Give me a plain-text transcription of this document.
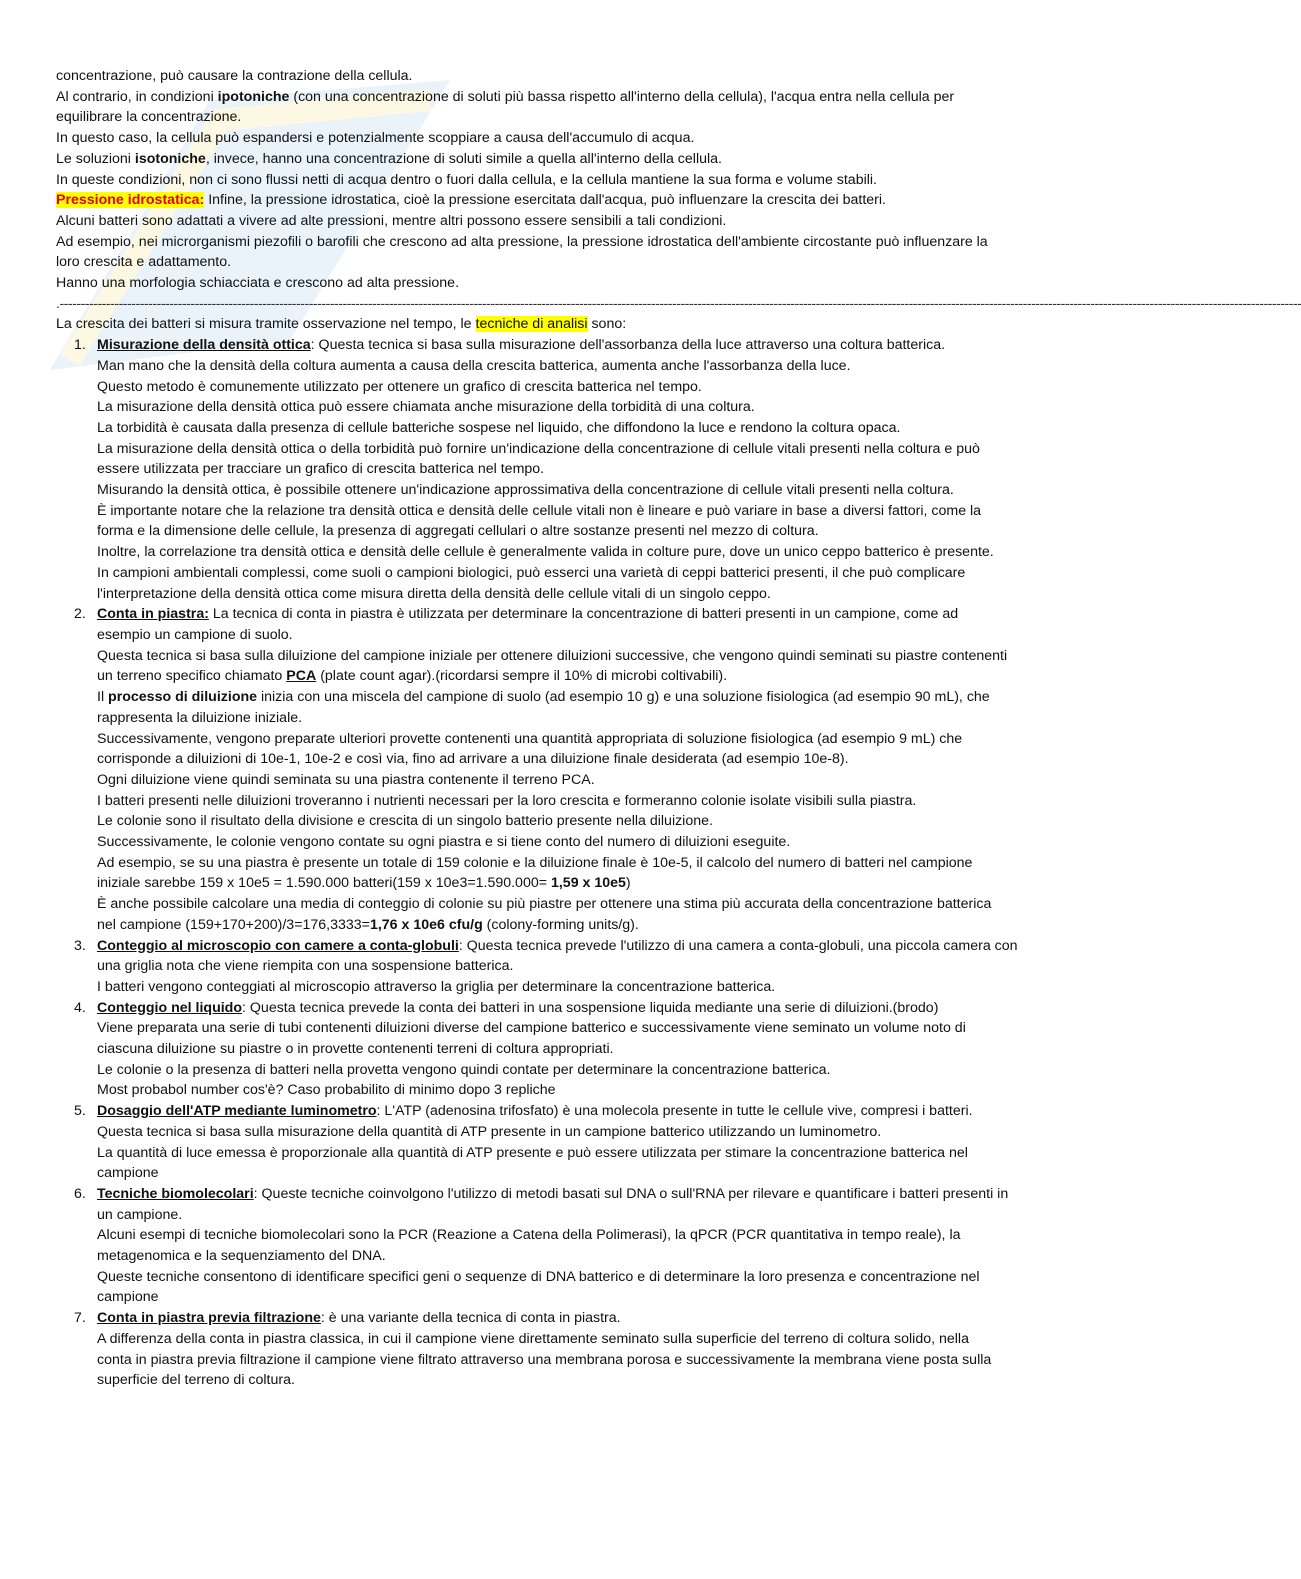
concentrazione, può causare la contrazione della cellula.

Al contrario, in condizioni ipotoniche (con una concentrazione di soluti più bassa rispetto all'interno della cellula), l'acqua entra nella cellula per

equilibrare la concentrazione.

In questo caso, la cellula può espandersi e potenzialmente scoppiare a causa dell'accumulo di acqua.

Le soluzioni isotoniche, invece, hanno una concentrazione di soluti simile a quella all'interno della cellula.

In queste condizioni, non ci sono flussi netti di acqua dentro o fuori dalla cellula, e la cellula mantiene la sua forma e volume stabili.

Pressione idrostatica: Infine, la pressione idrostatica, cioè la pressione esercitata dall'acqua, può influenzare la crescita dei batteri.

Alcuni batteri sono adattati a vivere ad alte pressioni, mentre altri possono essere sensibili a tali condizioni.

Ad esempio, nei microrganismi piezofili o barofili che crescono ad alta pressione, la pressione idrostatica dell'ambiente circostante può influenzare la

loro crescita e adattamento.

Hanno una morfologia schiacciata e crescono ad alta pressione.

.------------------------------------------------------------------------------------------------------------------------------------------------------------------------------------------------------------------------------------------------------------------------------------------------------

La crescita dei batteri si misura tramite osservazione nel tempo, le tecniche di analisi sono:

1. Misurazione della densità ottica: Questa tecnica si basa sulla misurazione dell'assorbanza della luce attraverso una coltura batterica.

Man mano che la densità della coltura aumenta a causa della crescita batterica, aumenta anche l'assorbanza della luce.

Questo metodo è comunemente utilizzato per ottenere un grafico di crescita batterica nel tempo.

La misurazione della densità ottica può essere chiamata anche misurazione della torbidità di una coltura.

La torbidità è causata dalla presenza di cellule batteriche sospese nel liquido, che diffondono la luce e rendono la coltura opaca.

La misurazione della densità ottica o della torbidità può fornire un'indicazione della concentrazione di cellule vitali presenti nella coltura e può

essere utilizzata per tracciare un grafico di crescita batterica nel tempo.

Misurando la densità ottica, è possibile ottenere un'indicazione approssimativa della concentrazione di cellule vitali presenti nella coltura.

È importante notare che la relazione tra densità ottica e densità delle cellule vitali non è lineare e può variare in base a diversi fattori, come la

forma e la dimensione delle cellule, la presenza di aggregati cellulari o altre sostanze presenti nel mezzo di coltura.

Inoltre, la correlazione tra densità ottica e densità delle cellule è generalmente valida in colture pure, dove un unico ceppo batterico è presente.

In campioni ambientali complessi, come suoli o campioni biologici, può esserci una varietà di ceppi batterici presenti, il che può complicare

l'interpretazione della densità ottica come misura diretta della densità delle cellule vitali di un singolo ceppo.

2. Conta in piastra: La tecnica di conta in piastra è utilizzata per determinare la concentrazione di batteri presenti in un campione, come ad

esempio un campione di suolo.

Questa tecnica si basa sulla diluizione del campione iniziale per ottenere diluizioni successive, che vengono quindi seminati su piastre contenenti

un terreno specifico chiamato PCA (plate count agar).(ricordarsi sempre il 10% di microbi coltivabili).

Il processo di diluizione inizia con una miscela del campione di suolo (ad esempio 10 g) e una soluzione fisiologica (ad esempio 90 mL), che

rappresenta la diluizione iniziale.

Successivamente, vengono preparate ulteriori provette contenenti una quantità appropriata di soluzione fisiologica (ad esempio 9 mL) che

corrisponde a diluizioni di 10e-1, 10e-2 e così via, fino ad arrivare a una diluizione finale desiderata (ad esempio 10e-8).

Ogni diluizione viene quindi seminata su una piastra contenente il terreno PCA.

I batteri presenti nelle diluizioni troveranno i nutrienti necessari per la loro crescita e formeranno colonie isolate visibili sulla piastra.

Le colonie sono il risultato della divisione e crescita di un singolo batterio presente nella diluizione.

Successivamente, le colonie vengono contate su ogni piastra e si tiene conto del numero di diluizioni eseguite.

Ad esempio, se su una piastra è presente un totale di 159 colonie e la diluizione finale è 10e-5, il calcolo del numero di batteri nel campione

iniziale sarebbe 159 x 10e5 = 1.590.000 batteri(159 x 10e3=1.590.000= 1,59 x 10e5)

È anche possibile calcolare una media di conteggio di colonie su più piastre per ottenere una stima più accurata della concentrazione batterica

nel campione (159+170+200)/3=176,3333=1,76 x 10e6 cfu/g (colony-forming units/g).

3. Conteggio al microscopio con camere a conta-globuli: Questa tecnica prevede l'utilizzo di una camera a conta-globuli, una piccola camera con

una griglia nota che viene riempita con una sospensione batterica.

I batteri vengono conteggiati al microscopio attraverso la griglia per determinare la concentrazione batterica.

4. Conteggio nel liquido: Questa tecnica prevede la conta dei batteri in una sospensione liquida mediante una serie di diluizioni.(brodo)

Viene preparata una serie di tubi contenenti diluizioni diverse del campione batterico e successivamente viene seminato un volume noto di

ciascuna diluizione su piastre o in provette contenenti terreni di coltura appropriati.

Le colonie o la presenza di batteri nella provetta vengono quindi contate per determinare la concentrazione batterica.

Most probabol number cos'è? Caso probabilito di minimo dopo 3 repliche

5. Dosaggio dell'ATP mediante luminometro: L'ATP (adenosina trifosfato) è una molecola presente in tutte le cellule vive, compresi i batteri.

Questa tecnica si basa sulla misurazione della quantità di ATP presente in un campione batterico utilizzando un luminometro.

La quantità di luce emessa è proporzionale alla quantità di ATP presente e può essere utilizzata per stimare la concentrazione batterica nel

campione

6. Tecniche biomolecolari: Queste tecniche coinvolgono l'utilizzo di metodi basati sul DNA o sull'RNA per rilevare e quantificare i batteri presenti in

un campione.

Alcuni esempi di tecniche biomolecolari sono la PCR (Reazione a Catena della Polimerasi), la qPCR (PCR quantitativa in tempo reale), la

metagenomica e la sequenziamento del DNA.

Queste tecniche consentono di identificare specifici geni o sequenze di DNA batterico e di determinare la loro presenza e concentrazione nel

campione

7. Conta in piastra previa filtrazione: è una variante della tecnica di conta in piastra.

A differenza della conta in piastra classica, in cui il campione viene direttamente seminato sulla superficie del terreno di coltura solido, nella

conta in piastra previa filtrazione il campione viene filtrato attraverso una membrana porosa e successivamente la membrana viene posta sulla

superficie del terreno di coltura.
